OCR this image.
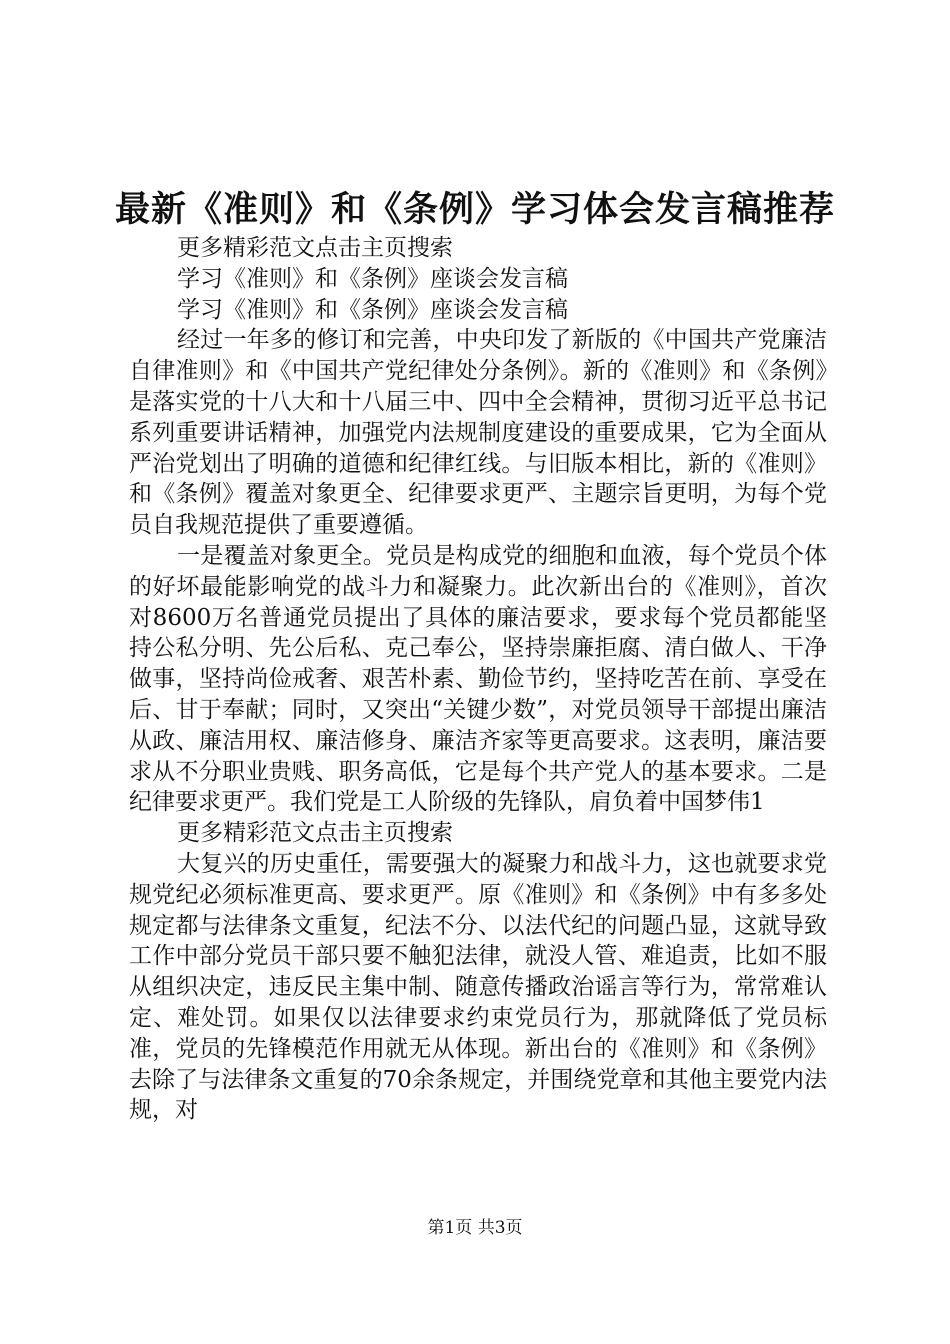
最新《准则》和《条例》学习体会发言稿推荐

更多精彩范文点击主页搜索

学习《准则》和《条例》座谈会发言稿

学习《准则》和《条例》座谈会发言稿

经过一年多的修订和完善，中央印发了新版的《中国共产党廉洁自律准则》和《中国共产党纪律处分条例》。新的《准则》和《条例》是落实党的十八大和十八届三中、四中全会精神，贯彻习近平总书记系列重要讲话精神，加强党内法规制度建设的重要成果，它为全面从严治党划出了明确的道德和纪律红线。与旧版本相比，新的《准则》和《条例》覆盖对象更全、纪律要求更严、主题宗旨更明，为每个党员自我规范提供了重要遵循。

一是覆盖对象更全。党员是构成党的细胞和血液，每个党员个体的好坏最能影响党的战斗力和凝聚力。此次新出台的《准则》，首次对8600万名普通党员提出了具体的廉洁要求，要求每个党员都能坚持公私分明、先公后私、克己奉公，坚持崇廉拒腐、清白做人、干净做事，坚持尚俭戒奢、艰苦朴素、勤俭节约，坚持吃苦在前、享受在后、甘于奉献；同时，又突出“关键少数”，对党员领导干部提出廉洁从政、廉洁用权、廉洁修身、廉洁齐家等更高要求。这表明，廉洁要求从不分职业贵贱、职务高低，它是每个共产党人的基本要求。二是纪律要求更严。我们党是工人阶级的先锋队，肩负着中国梦伟1

更多精彩范文点击主页搜索

大复兴的历史重任，需要强大的凝聚力和战斗力，这也就要求党规党纪必须标准更高、要求更严。原《准则》和《条例》中有多多处规定都与法律条文重复，纪法不分、以法代纪的问题凸显，这就导致工作中部分党员干部只要不触犯法律，就没人管、难追责，比如不服从组织决定，违反民主集中制、随意传播政治谣言等行为，常常难认定、难处罚。如果仅以法律要求约束党员行为，那就降低了党员标准，党员的先锋模范作用就无从体现。新出台的《准则》和《条例》去除了与法律条文重复的70余条规定，并围绕党章和其他主要党内法规，对

第1页 共3页
